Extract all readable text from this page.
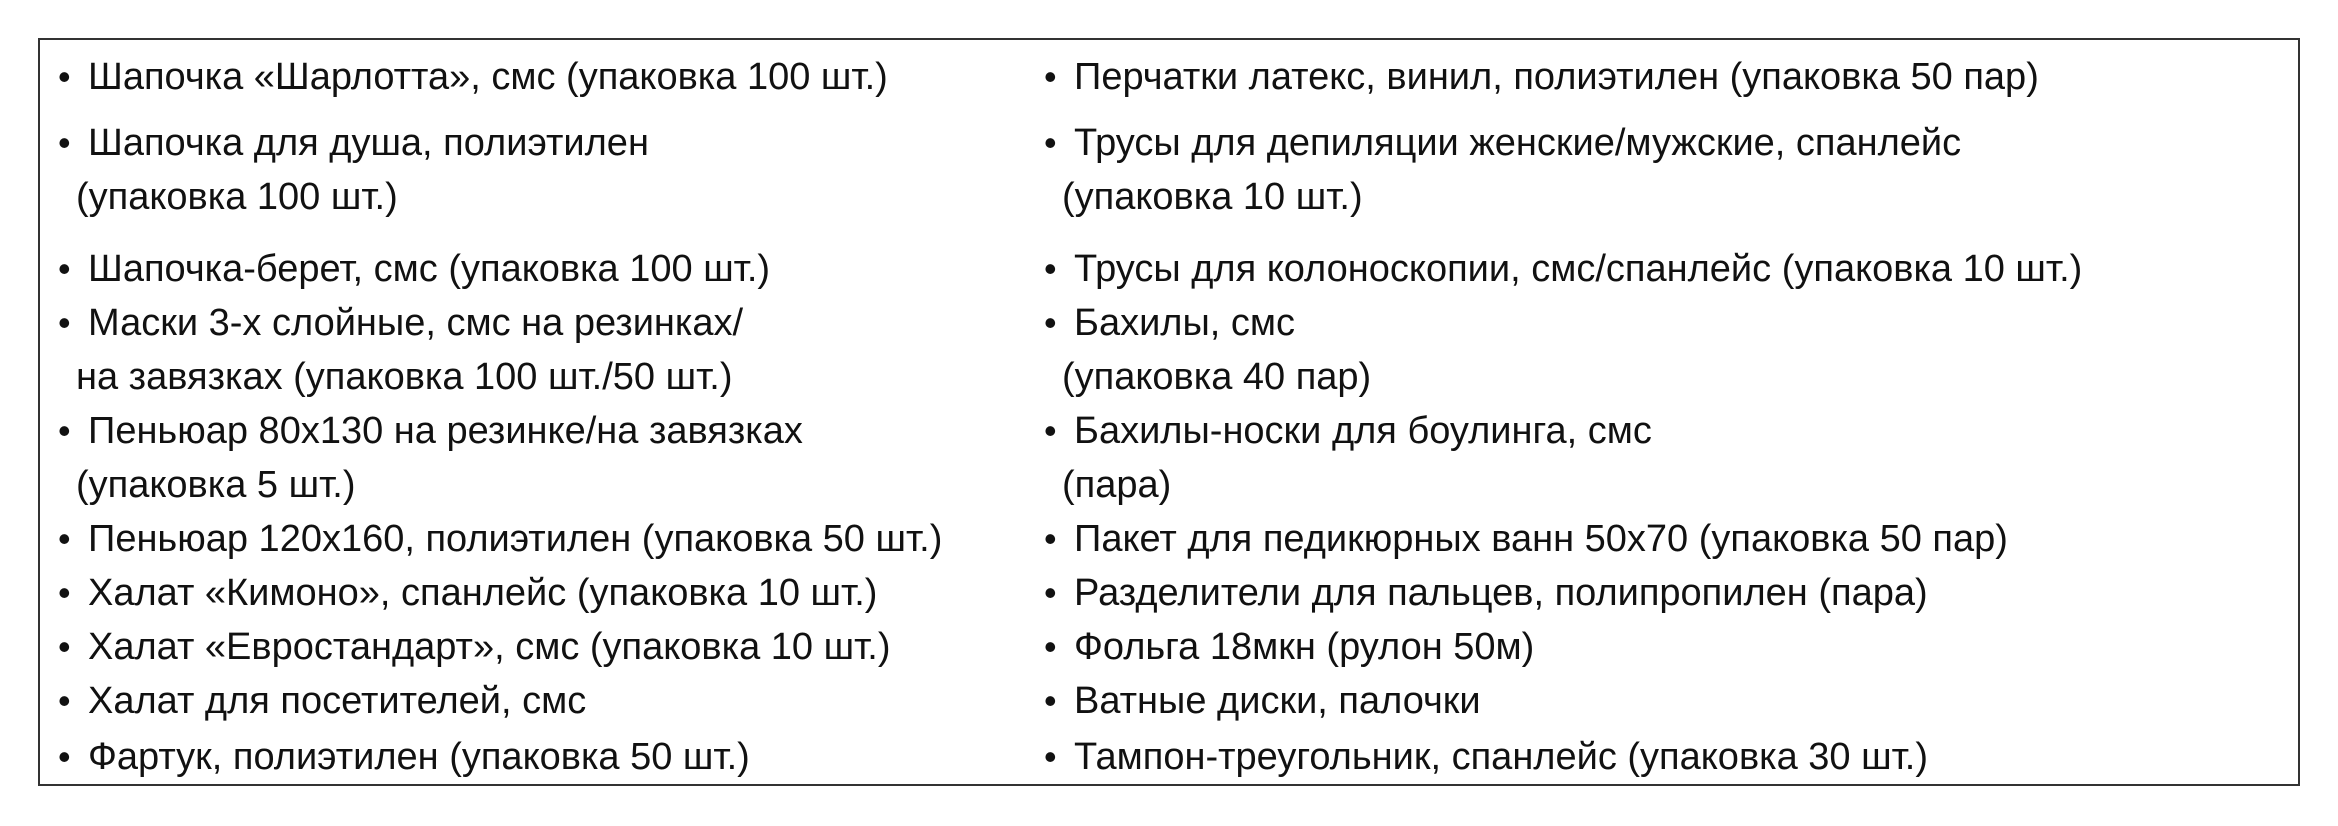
• Шапочка «Шарлотта», смс (упаковка 100 шт.)
• Шапочка для душа, полиэтилен
(упаковка 100 шт.)
• Шапочка-берет, смс (упаковка 100 шт.)
• Маски 3-х слойные, смс на резинках/
на завязках (упаковка 100 шт./50 шт.)
• Пеньюар 80х130 на резинке/на завязках
(упаковка 5 шт.)
• Пеньюар 120х160, полиэтилен (упаковка 50 шт.)
• Халат «Кимоно», спанлейс (упаковка 10 шт.)
• Халат «Евростандарт», смс (упаковка 10 шт.)
• Халат для посетителей, смс
• Фартук, полиэтилен (упаковка 50 шт.)
• Перчатки латекс, винил, полиэтилен (упаковка 50 пар)
• Трусы для депиляции женские/мужские, спанлейс
(упаковка 10 шт.)
• Трусы для колоноскопии, смс/спанлейс (упаковка 10 шт.)
• Бахилы, смс
(упаковка 40 пар)
• Бахилы-носки для боулинга, смс
(пара)
• Пакет для педикюрных ванн 50х70 (упаковка 50 пар)
• Разделители для пальцев, полипропилен (пара)
• Фольга 18мкн (рулон 50м)
• Ватные диски, палочки
• Тампон-треугольник, спанлейс (упаковка 30 шт.)
